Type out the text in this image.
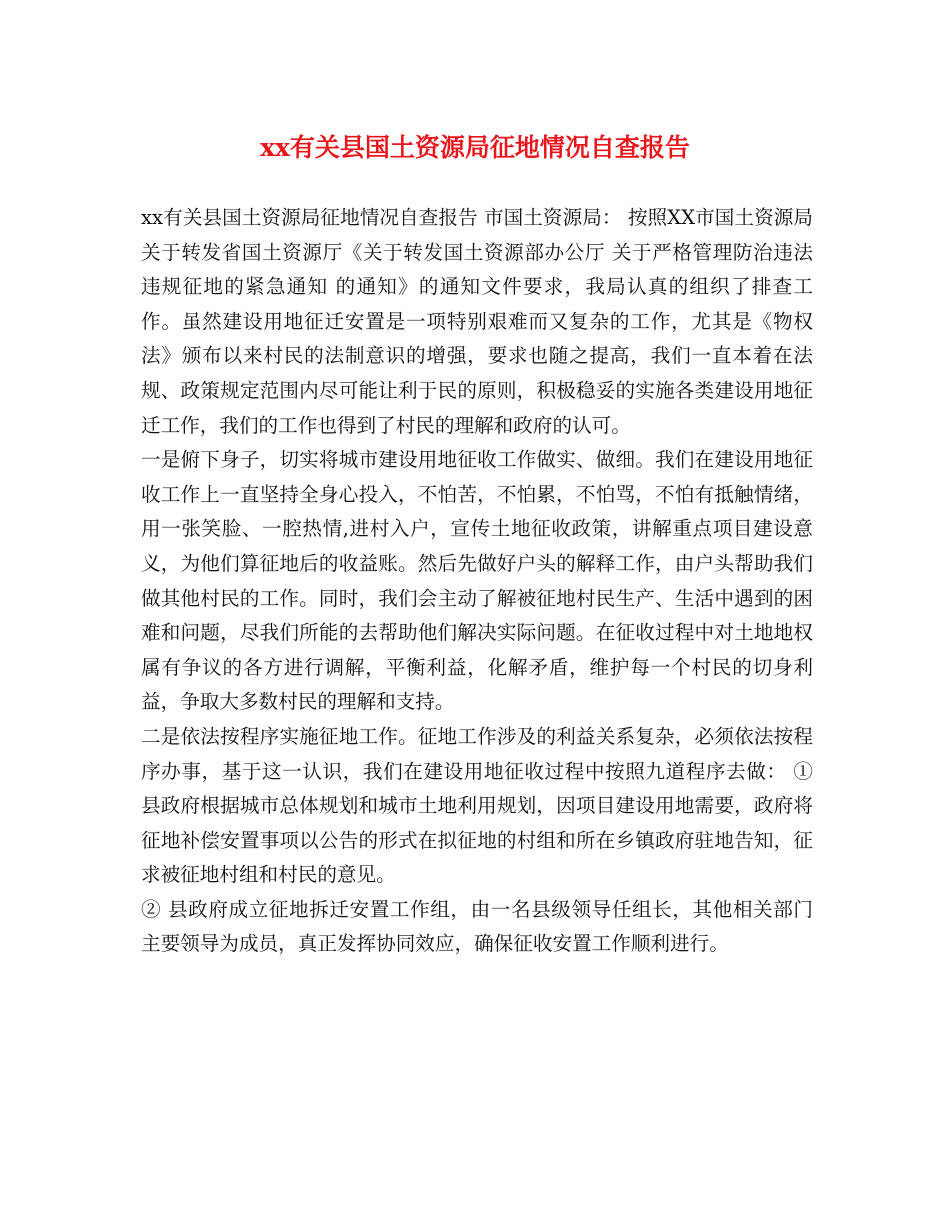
xx有关县国土资源局征地情况自查报告

xx有关县国土资源局征地情况自查报告 市国土资源局： 按照XX市国土资源局关于转发省国土资源厅《关于转发国土资源部办公厅 关于严格管理防治违法违规征地的紧急通知 的通知》的通知文件要求，我局认真的组织了排查工作。虽然建设用地征迁安置是一项特别艰难而又复杂的工作，尤其是《物权法》颁布以来村民的法制意识的增强，要求也随之提高，我们一直本着在法规、政策规定范围内尽可能让利于民的原则，积极稳妥的实施各类建设用地征迁工作，我们的工作也得到了村民的理解和政府的认可。

一是俯下身子，切实将城市建设用地征收工作做实、做细。我们在建设用地征收工作上一直坚持全身心投入，不怕苦，不怕累，不怕骂，不怕有抵触情绪，用一张笑脸、一腔热情,进村入户，宣传土地征收政策，讲解重点项目建设意义，为他们算征地后的收益账。然后先做好户头的解释工作，由户头帮助我们做其他村民的工作。同时，我们会主动了解被征地村民生产、生活中遇到的困难和问题，尽我们所能的去帮助他们解决实际问题。在征收过程中对土地地权属有争议的各方进行调解，平衡利益，化解矛盾，维护每一个村民的切身利益，争取大多数村民的理解和支持。

二是依法按程序实施征地工作。征地工作涉及的利益关系复杂，必须依法按程序办事，基于这一认识，我们在建设用地征收过程中按照九道程序去做： ① 县政府根据城市总体规划和城市土地利用规划，因项目建设用地需要，政府将征地补偿安置事项以公告的形式在拟征地的村组和所在乡镇政府驻地告知，征求被征地村组和村民的意见。

② 县政府成立征地拆迁安置工作组，由一名县级领导任组长，其他相关部门主要领导为成员，真正发挥协同效应，确保征收安置工作顺利进行。
